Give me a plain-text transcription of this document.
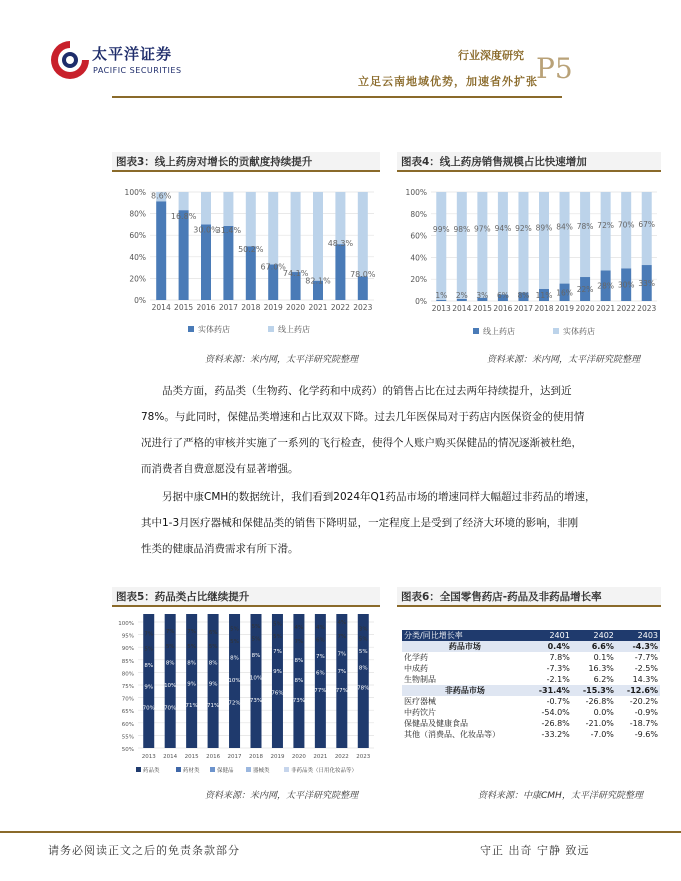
太平洋证券
PACIFIC SECURITIES
行业深度研究
立足云南地域优势，加速省外扩张
P5
图表3：线上药房对增长的贡献度持续提升
0%
20%
40%
60%
80%
100%
2014 2015 2016 2017 2018 2019 2020 2021 2022 2023
8.6%
16.8%
30.0%
31.4%
50.2%
67.0%
74.1%
82.1%
48.3%
78.0%
实体药店	线上药店
资料来源：米内网，太平洋研究院整理
图表4：线上药房销售规模占比快速增加
0%
20%
40%
60%
80%
100%
2013 2014 2015 2016 2017 2018 2019 2020 2021 2022 2023
1%
99%
2%
98%
3%
97%
6%
94%
8%
92%
11%
89%
16%
84%
22%
78%
28%
72%
30%
70%
33%
67%
线上药店	实体药店
资料来源：米内网，太平洋研究院整理

品类方面，药品类（生物药、化学药和中成药）的销售占比在过去两年持续提升，达到近

78%。与此同时，保健品类增速和占比双双下降。过去几年医保局对于药店内医保资金的使用情

况进行了严格的审核并实施了一系列的飞行检查，使得个人账户购买保健品的情况逐渐被杜绝，

而消费者自费意愿没有显著增强。

另据中康CMH的数据统计，我们看到2024年Q1药品市场的增速同样大幅超过非药品的增速，

其中1-3月医疗器械和保健品类的销售下降明显，一定程度上是受到了经济大环境的影响，非刚

性类的健康品消费需求有所下滑。

图表5：药品类占比继续提升
50%
55%
60%
65%
70%
75%
80%
85%
90%
95%
100%
2013 2014 2015 2016 2017 2018 2019 2020 2021 2022 2023
70%
9%
8%
5%
7%
70%
10%
8%
5%
7%
71%
9%
8%
5%
7%
71%
9%
8%
5%
6%
72%
10%
8%
5%
5%
73%
10%
8%
5%
5%
76%
9%
7%
5%
5%
73%
8%
8%
7%
4%
77%
6%
7%
6%
4%
77%
7%
7%
7%
4%
78%
8%
5%
5%
3%
药品类	药材类	保健品	器械类	非药品类（日用化妆品等）
资料来源：米内网，太平洋研究院整理
图表6：全国零售药店-药品及非药品增长率
分类/同比增长率	2401	2402	2403
药品市场	0.4%	6.6%	-4.3%
化学药	7.8%	0.1%	-7.7%
中成药	-7.3%	16.3%	-2.5%
生物制品	-2.1%	6.2%	14.3%
非药品市场	-31.4%	-15.3%	-12.6%
医疗器械	-0.7%	-26.8%	-20.2%
中药饮片	-54.0%	0.0%	-0.9%
保健品及健康食品	-26.8%	-21.0%	-18.7%
其他（消费品、化妆品等）	-33.2%	-7.0%	-9.6%
资料来源：中康CMH，太平洋研究院整理
请务必阅读正文之后的免责条款部分	守正 出奇 宁静 致远
